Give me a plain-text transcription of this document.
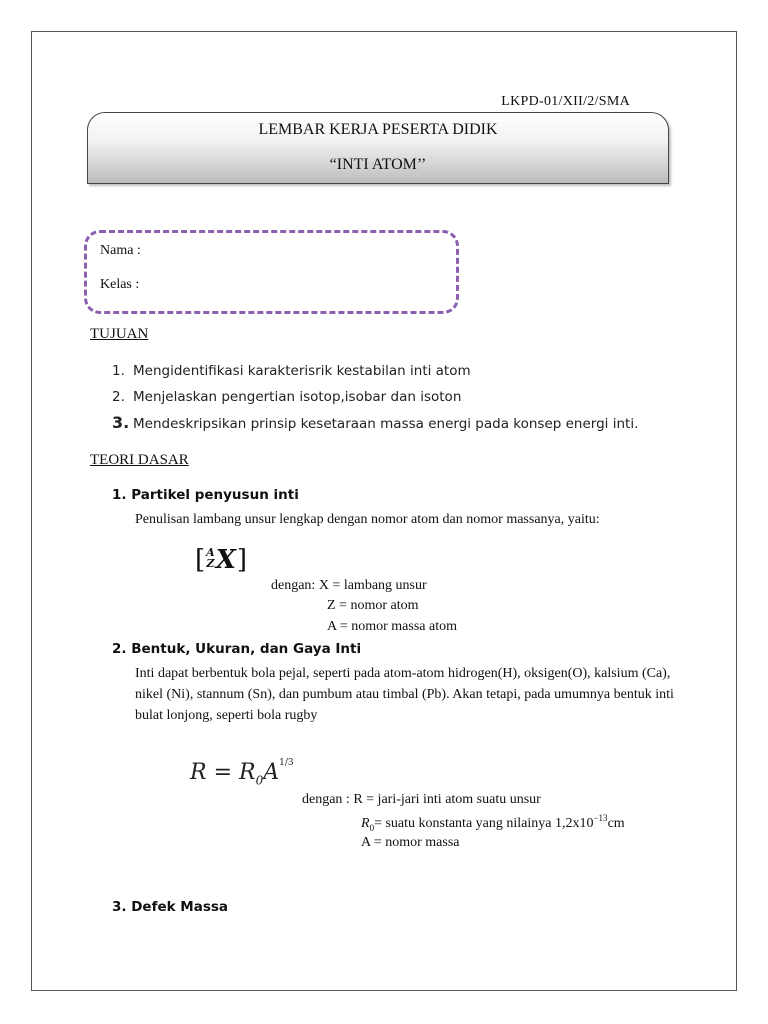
LKPD-01/XII/2/SMA
LEMBAR KERJA PESERTA DIDIK
“INTI ATOM’’
Nama :
Kelas :
TUJUAN
1. Mengidentifikasi karakterisrik kestabilan inti atom
2. Menjelaskan pengertian isotop,isobar dan isoton
3. Mendeskripsikan prinsip kesetaraan massa energi pada konsep energi inti.
TEORI DASAR
1. Partikel penyusun inti
Penulisan lambang unsur lengkap dengan nomor atom dan nomor massanya, yaitu:
[A
ZX]
dengan: X = lambang unsur
Z = nomor atom
A = nomor massa atom
2. Bentuk, Ukuran, dan Gaya Inti
Inti dapat berbentuk bola pejal, seperti pada atom-atom hidrogen(H), oksigen(O), kalsium (Ca), nikel (Ni), stannum (Sn), dan pumbum atau timbal (Pb). Akan tetapi, pada umumnya bentuk inti bulat lonjong, seperti bola rugby
$R = R_0A^{1/3}$
dengan : R = jari-jari inti atom suatu unsur
$R_0=$ suatu konstanta yang nilainya $1,2x10^{-13}cm$
A = nomor massa
3. Defek Massa
